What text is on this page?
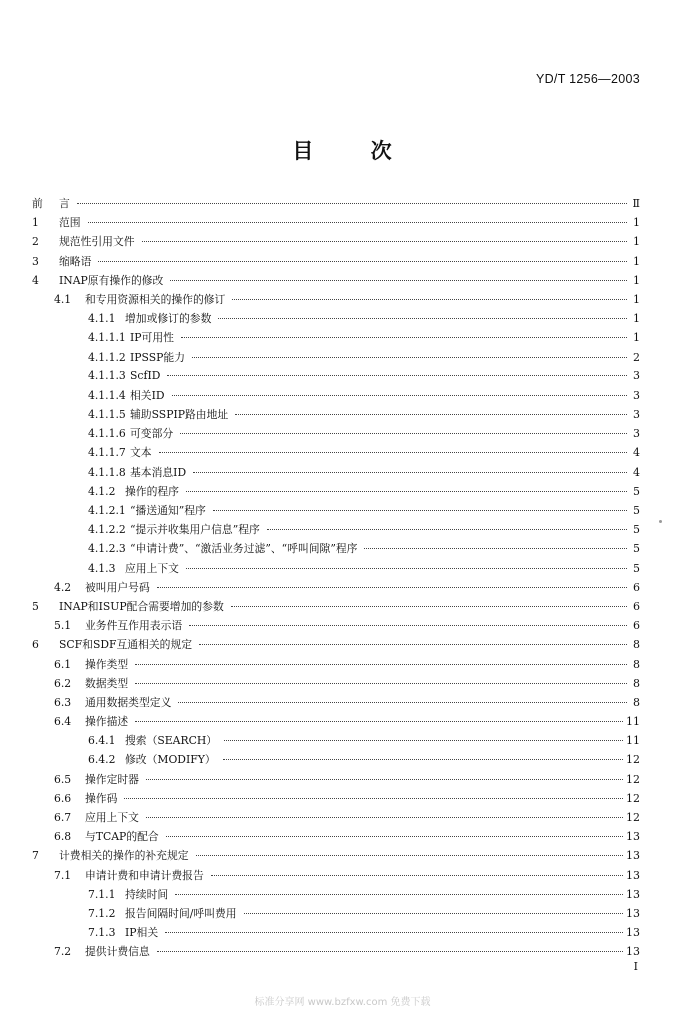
YD/T 1256—2003
目	次
前	言	Ⅱ
1	范围	1
2	规范性引用文件	1
3	缩略语	1
4	INAP原有操作的修改	1
4.1	和专用资源相关的操作的修订	1
4.1.1 增加或修订的参数	1
4.1.1.1 IP可用性	1
4.1.1.2 IPSSP能力	2
4.1.1.3 ScfID	3
4.1.1.4 相关ID	3
4.1.1.5 辅助SSPIP路由地址	3
4.1.1.6 可变部分	3
4.1.1.7 文本	4
4.1.1.8 基本消息ID	4
4.1.2 操作的程序	5
4.1.2.1 “播送通知”程序	5
4.1.2.2 “提示并收集用户信息”程序	5
4.1.2.3 “申请计费”、“激活业务过滤”、“呼叫间隙”程序	5
4.1.3 应用上下文	5
4.2	被叫用户号码	6
5	INAP和ISUP配合需要增加的参数	6
5.1	业务件互作用表示语	6
6	SCF和SDF互通相关的规定	8
6.1	操作类型	8
6.2	数据类型	8
6.3	通用数据类型定义	8
6.4	操作描述	11
6.4.1 搜索（SEARCH）	11
6.4.2 修改（MODIFY）	12
6.5	操作定时器	12
6.6	操作码	12
6.7	应用上下文	12
6.8	与TCAP的配合	13
7	计费相关的操作的补充规定	13
7.1	申请计费和申请计费报告	13
7.1.1 持续时间	13
7.1.2 报告间隔时间/呼叫费用	13
7.1.3 IP相关	13
7.2	提供计费信息	13
I
标准分享网 www.bzfxw.com 免费下载
